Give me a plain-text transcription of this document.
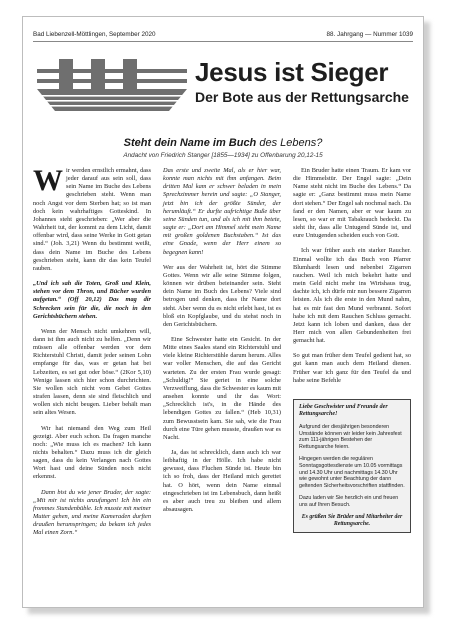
Bad Liebenzell-Möttlingen, September 2020	88. Jahrgang — Nummer 1039
Jesus ist Sieger
Der Bote aus der Rettungsarche
Steht dein Name im Buch des Lebens?
Andacht von Friedrich Stanger [1855—1934] zu Offenbarung 20,12-15

Wir werden ernstlich ermahnt, dass jeder darauf aus sein soll, dass sein Name im Buche des Lebens geschrieben steht. Wenn man noch Angst vor dem Sterben hat; so ist man doch kein wahrhaftiges Gotteskind. In Johannes steht geschrieben: „Wer aber die Wahrheit tut, der kommt zu dem Licht, damit offenbar wird, dass seine Werke in Gott getan sind.“ (Joh. 3,21) Wenn du bestimmt weißt, dass dein Name im Buche des Lebens geschrieben steht, kann dir das kein Teufel rauben.

„Und ich sah die Toten, Groß und Klein, stehen vor dem Thron, und Bücher wurden aufgetan.“ (Off 20,12) Das mag dir Schrecken sein für die, die noch in den Gerichtsbüchern stehen.

Wenn der Mensch nicht umkehren will, dann ist ihm auch nicht zu helfen. „Denn wir müssen alle offenbar werden vor dem Richterstuhl Christi, damit jeder seinen Lohn empfange für das, was er getan hat bei Lebzeiten, es sei gut oder böse.“ (2Kor 5,10) Wenige lassen sich hier schon durchrichten. Sie wollen sich nicht vom Gebet Gottes strafen lassen, denn sie sind fleischlich und wollen sich nicht beugen. Lieber behält man sein altes Wesen.

Wir hat niemand den Weg zum Heil gezeigt. Aber euch schon. Da fragen manche noch: „Wie muss ich es machen? Ich kann nichts behalten.“ Dazu muss ich dir gleich sagen, dass du kein Verlangen nach Gottes Wort hast und deine Sünden noch nicht erkennst.

Dann bist du wie jener Bruder, der sagte: „Mit mir ist nichts anzufangen! Ich bin ein frommes Stundenbüble. Ich musste mit meiner Mutter gehen, und meine Kameraden durften draußen herumspringen; da bekam ich jedes Mal einen Zorn.“

Das erste und zweite Mal, als er hier war, konnte man nichts mit ihm anfangen. Beim dritten Mal kam er schwer beladen in mein Sprechzimmer herein und sagte: „O Stanger, jetzt bin ich der größte Sünder, der herumläuft.“ Er durfte aufrichtige Buße über seine Sünden tun, und als ich mit ihm betete, sagte er: „Dort am Himmel steht mein Name mit großen goldenen Buchstaben.“ Ist das eine Gnade, wenn der Herr einem so begegnen kann!

Wer aus der Wahrheit ist, hört die Stimme Gottes. Wenn wir alle seine Stimme folgen, können wir drüben beieinander sein. Steht dein Name im Buch des Lebens? Viele sind betrogen und denken, dass ihr Name dort steht. Aber wenn du es nicht erlebt hast, ist es bloß ein Kopfglaube, und du stehst noch in den Gerichtsbüchern.

Eine Schwester hatte ein Gesicht. In der Mitte eines Saales stand ein Richterstuhl und viele kleine Richterstühle darum herum. Alles war voller Menschen, die auf das Gericht warteten. Zu der ersten Frau wurde gesagt: „Schuldig!“ Sie geriet in eine solche Verzweiflung, dass die Schwester es kaum mit ansehen konnte und ihr das Wort: „Schrecklich ist's, in die Hände des lebendigen Gottes zu fallen.“ (Heb 10,31) zum Bewusstsein kam. Sie sah, wie die Frau durch eine Türe gehen musste, draußen war es Nacht.

Ja, das ist schrecklich, dann auch ich war leibhaftig in der Hölle. Ich habe nicht gewusst, dass Fluchen Sünde ist. Heute bin ich so froh, dass der Heiland mich gerettet hat. O hört, wenn dein Name einmal eingeschrieben ist im Lebensbuch, dann heißt es aber auch treu zu bleiben und allem absausagen.

Ein Bruder hatte einen Traum. Er kam vor die Himmelstür. Der Engel sagte: „Dein Name steht nicht im Buche des Lebens.“ Da sagte er: „Ganz bestimmt muss mein Name dort stehen.“ Der Engel sah nochmal nach. Da fand er den Namen, aber er war kaum zu lesen, so war er mit Tabakrauch bedeckt. Da sieht ihr, dass alle Untugend Sünde ist, und eure Untugenden scheiden euch von Gott.

Ich war früher auch ein starker Raucher. Einmal wollte ich das Buch von Pfarrer Blumhardt lesen und nebenbei Zigarren rauchen. Weil ich mich bekehrt hatte und mein Geld nicht mehr ins Wirtshaus trug, dachte ich, ich dürfe mir nun bessere Zigarren leisten. Als ich die erste in den Mund nahm, hat es mir fast den Mund verbrannt. Sofort habe ich mit dem Rauchen Schluss gemacht. Jetzt kann ich loben und danken, dass der Herr mich von allen Gebundenheiten frei gemacht hat.

So gut man früher dem Teufel gedient hat, so gut kann man auch dem Heiland dienen. Früher war ich ganz für den Teufel da und habe seine Befehle

Liebe Geschwister und Freunde der Rettungsarche!

Aufgrund der diesjährigen besonderen Umstände können wir leider kein Jahresfest zum 111-jährigen Bestehen der Rettungsarche feiern.

Hingegen werden die regulären Sonntagsgottesdienste um 10.05 vormittags und 14.30 Uhr und nachmittags 14.30 Uhr wie gewohnt unter Beachtung der dann geltenden Sicherheitsvorschriften stattfinden.

Dazu laden wir Sie herzlich ein und freuen uns auf Ihren Besuch.

Es grüßen Sie Brüder und Mitarbeiter der Rettungsarche.
